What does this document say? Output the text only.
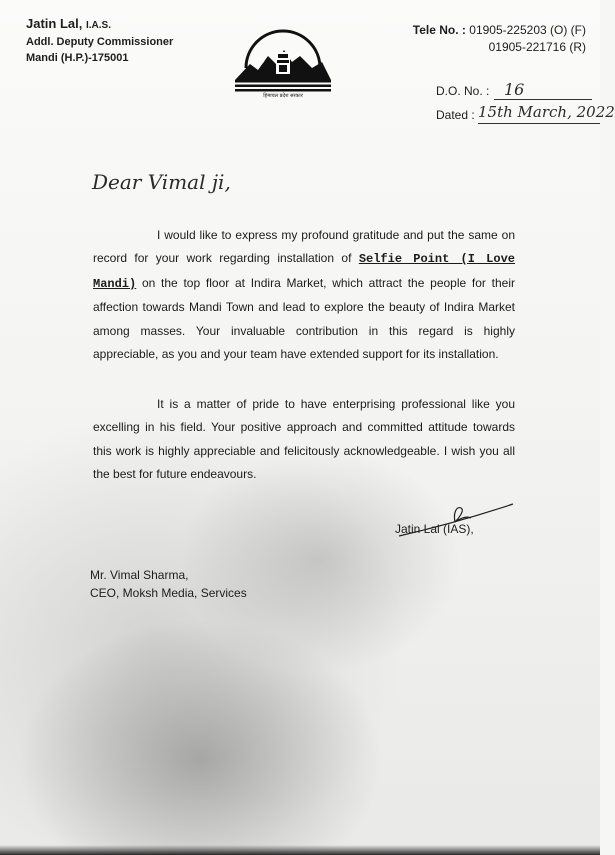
Jatin Lal, I.A.S.
Addl. Deputy Commissioner
Mandi (H.P.)-175001
हिमाचल प्रदेश सरकार
Tele No. : 01905-225203 (O) (F)
01905-221716 (R)
D.O. No. : 16
Dated : 15th March, 2022
Dear Vimal ji,
I would like to express my profound gratitude and put the same on record for your work regarding installation of Selfie Point (I Love Mandi) on the top floor at Indira Market, which attract the people for their affection towards Mandi Town and lead to explore the beauty of Indira Market among masses. Your invaluable contribution in this regard is highly appreciable, as you and your team have extended support for its installation.
It is a matter of pride to have enterprising professional like you excelling in his field. Your positive approach and committed attitude towards this work is highly appreciable and felicitously acknowledgeable. I wish you all the best for future endeavours.
Jatin Lal (IAS),
Mr. Vimal Sharma,
CEO, Moksh Media, Services
